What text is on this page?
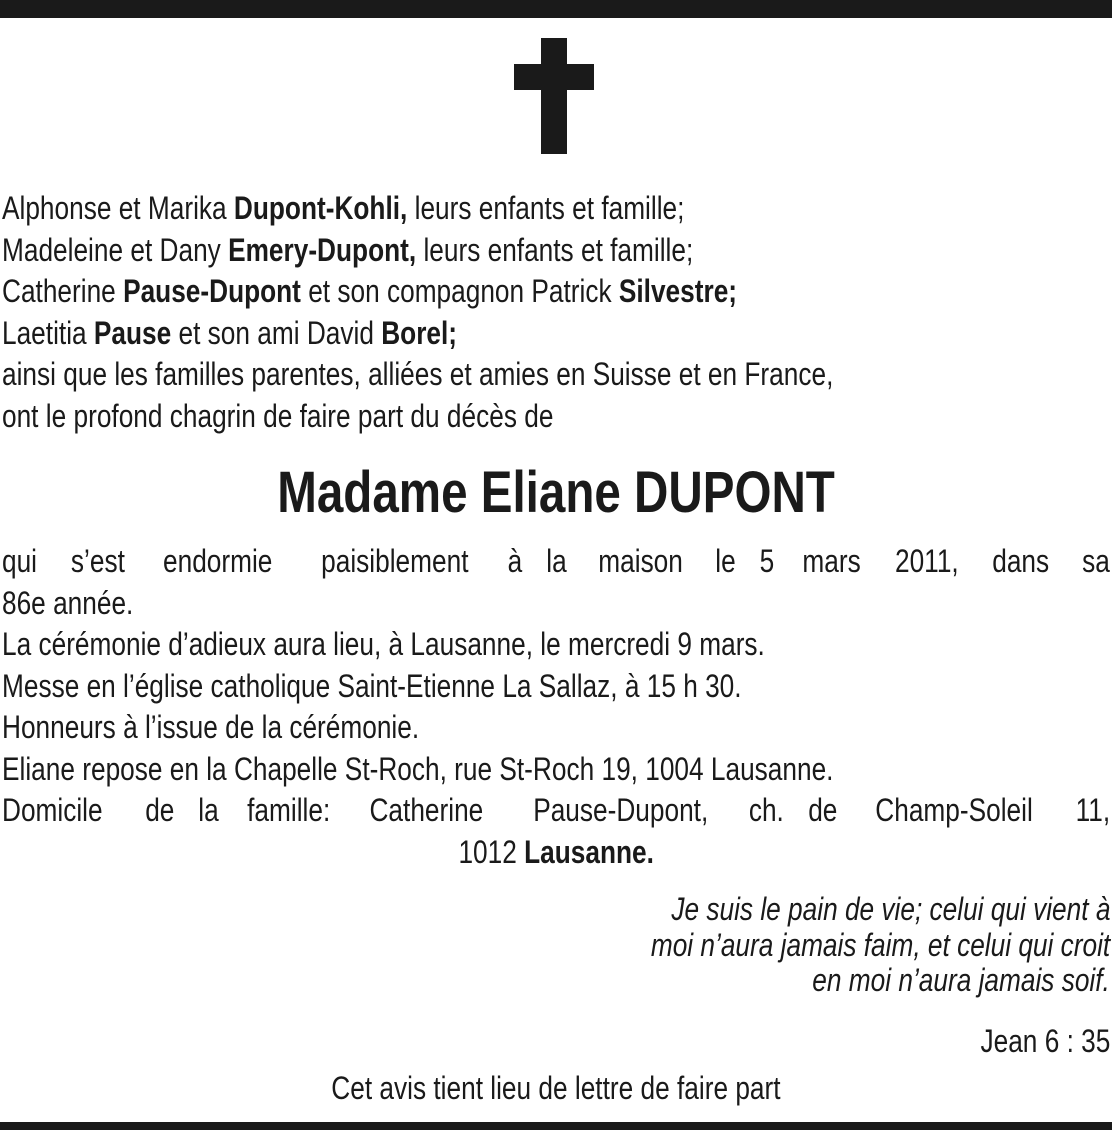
Alphonse et Marika Dupont-Kohli, leurs enfants et famille;
Madeleine et Dany Emery-Dupont, leurs enfants et famille;
Catherine Pause-Dupont et son compagnon Patrick Silvestre;
Laetitia Pause et son ami David Borel;
ainsi que les familles parentes, alliées et amies en Suisse et en France,
ont le profond chagrin de faire part du décès de
Madame Eliane DUPONT
qui s’est endormie paisiblement à la maison le 5 mars 2011, dans sa
86e année.
La cérémonie d’adieux aura lieu, à Lausanne, le mercredi 9 mars.
Messe en l’église catholique Saint-Etienne La Sallaz, à 15 h 30.
Honneurs à l’issue de la cérémonie.
Eliane repose en la Chapelle St-Roch, rue St-Roch 19, 1004 Lausanne.
Domicile de la famille: Catherine Pause-Dupont, ch. de Champ-Soleil 11,
1012 Lausanne.
Je suis le pain de vie; celui qui vient à
moi n’aura jamais faim, et celui qui croit
en moi n’aura jamais soif.
Jean 6 : 35
Cet avis tient lieu de lettre de faire part
